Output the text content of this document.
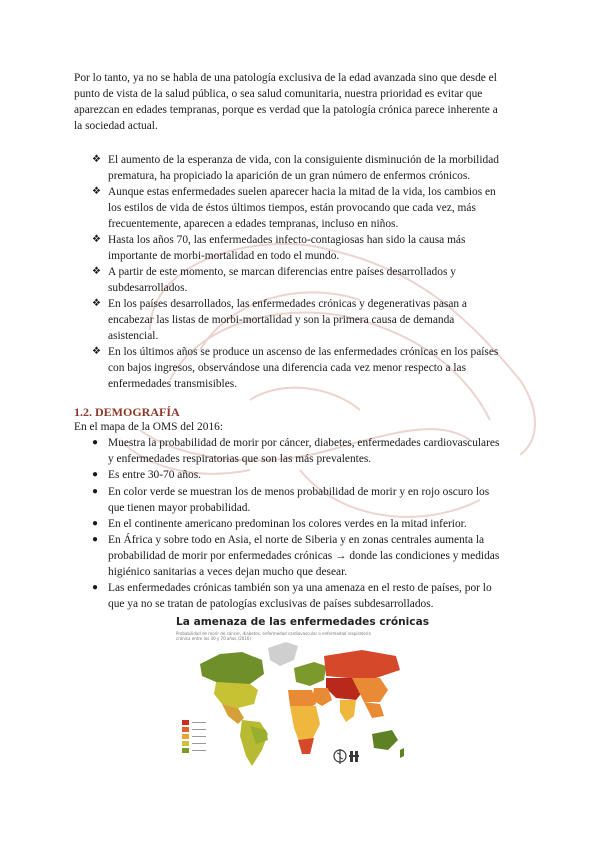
Por lo tanto, ya no se habla de una patología exclusiva de la edad avanzada sino que desde el
punto de vista de la salud pública, o sea salud comunitaria, nuestra prioridad es evitar que
aparezcan en edades tempranas, porque es verdad que la patología crónica parece inherente a
la sociedad actual.
❖ El aumento de la esperanza de vida, con la consiguiente disminución de la morbilidad
prematura, ha propiciado la aparición de un gran número de enfermos crónicos.
❖ Aunque estas enfermedades suelen aparecer hacia la mitad de la vida, los cambios en
los estilos de vida de éstos últimos tiempos, están provocando que cada vez, más
frecuentemente, aparecen a edades tempranas, incluso en niños.
❖ Hasta los años 70, las enfermedades infecto-contagiosas han sido la causa más
importante de morbi-mortalidad en todo el mundo.
❖ A partir de este momento, se marcan diferencias entre países desarrollados y
subdesarrollados.
❖ En los países desarrollados, las enfermedades crónicas y degenerativas pasan a
encabezar las listas de morbi-mortalidad y son la primera causa de demanda
asistencial.
❖ En los últimos años se produce un ascenso de las enfermedades crónicas en los países
con bajos ingresos, observándose una diferencia cada vez menor respecto a las
enfermedades transmisibles.
1.2. DEMOGRAFÍA
En el mapa de la OMS del 2016:
● Muestra la probabilidad de morir por cáncer, diabetes, enfermedades cardiovasculares
y enfermedades respiratorias que son las más prevalentes.
● Es entre 30-70 años.
● En color verde se muestran los de menos probabilidad de morir y en rojo oscuro los
que tienen mayor probabilidad.
● En el continente americano predominan los colores verdes en la mitad inferior.
● En África y sobre todo en Asia, el norte de Siberia y en zonas centrales aumenta la
probabilidad de morir por enfermedades crónicas → donde las condiciones y medidas
higiénico sanitarias a veces dejan mucho que desear.
● Las enfermedades crónicas también son ya una amenaza en el resto de países, por lo
que ya no se tratan de patologías exclusivas de países subdesarrollados.
La amenaza de las enfermedades crónicas
Probabilidad de morir de cáncer, diabetes, enfermedad cardiovascular o enfermedad respiratoria
crónica entre los 30 y 70 años (2016)
